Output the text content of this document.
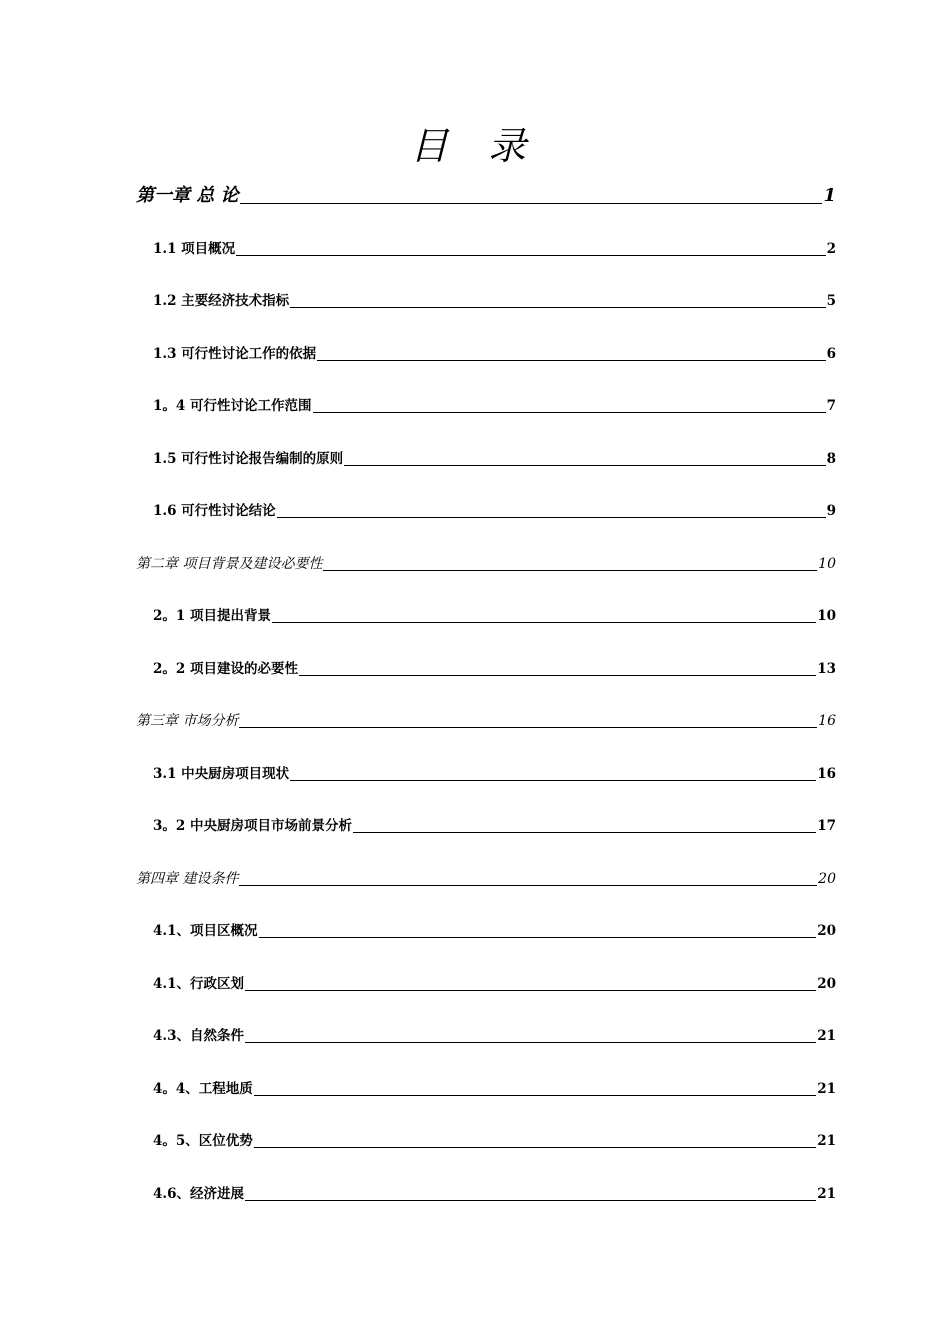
目 录
第一章 总 论	1
1.1 项目概况	2
1.2 主要经济技术指标	5
1.3 可行性讨论工作的依据	6
1。4 可行性讨论工作范围	7
1.5 可行性讨论报告编制的原则	8
1.6 可行性讨论结论	9
第二章 项目背景及建设必要性	10
2。1 项目提出背景	10
2。2 项目建设的必要性	13
第三章 市场分析	16
3.1 中央厨房项目现状	16
3。2 中央厨房项目市场前景分析	17
第四章 建设条件	20
4.1、项目区概况	20
4.1、行政区划	20
4.3、自然条件	21
4。4、工程地质	21
4。5、区位优势	21
4.6、经济进展	21
